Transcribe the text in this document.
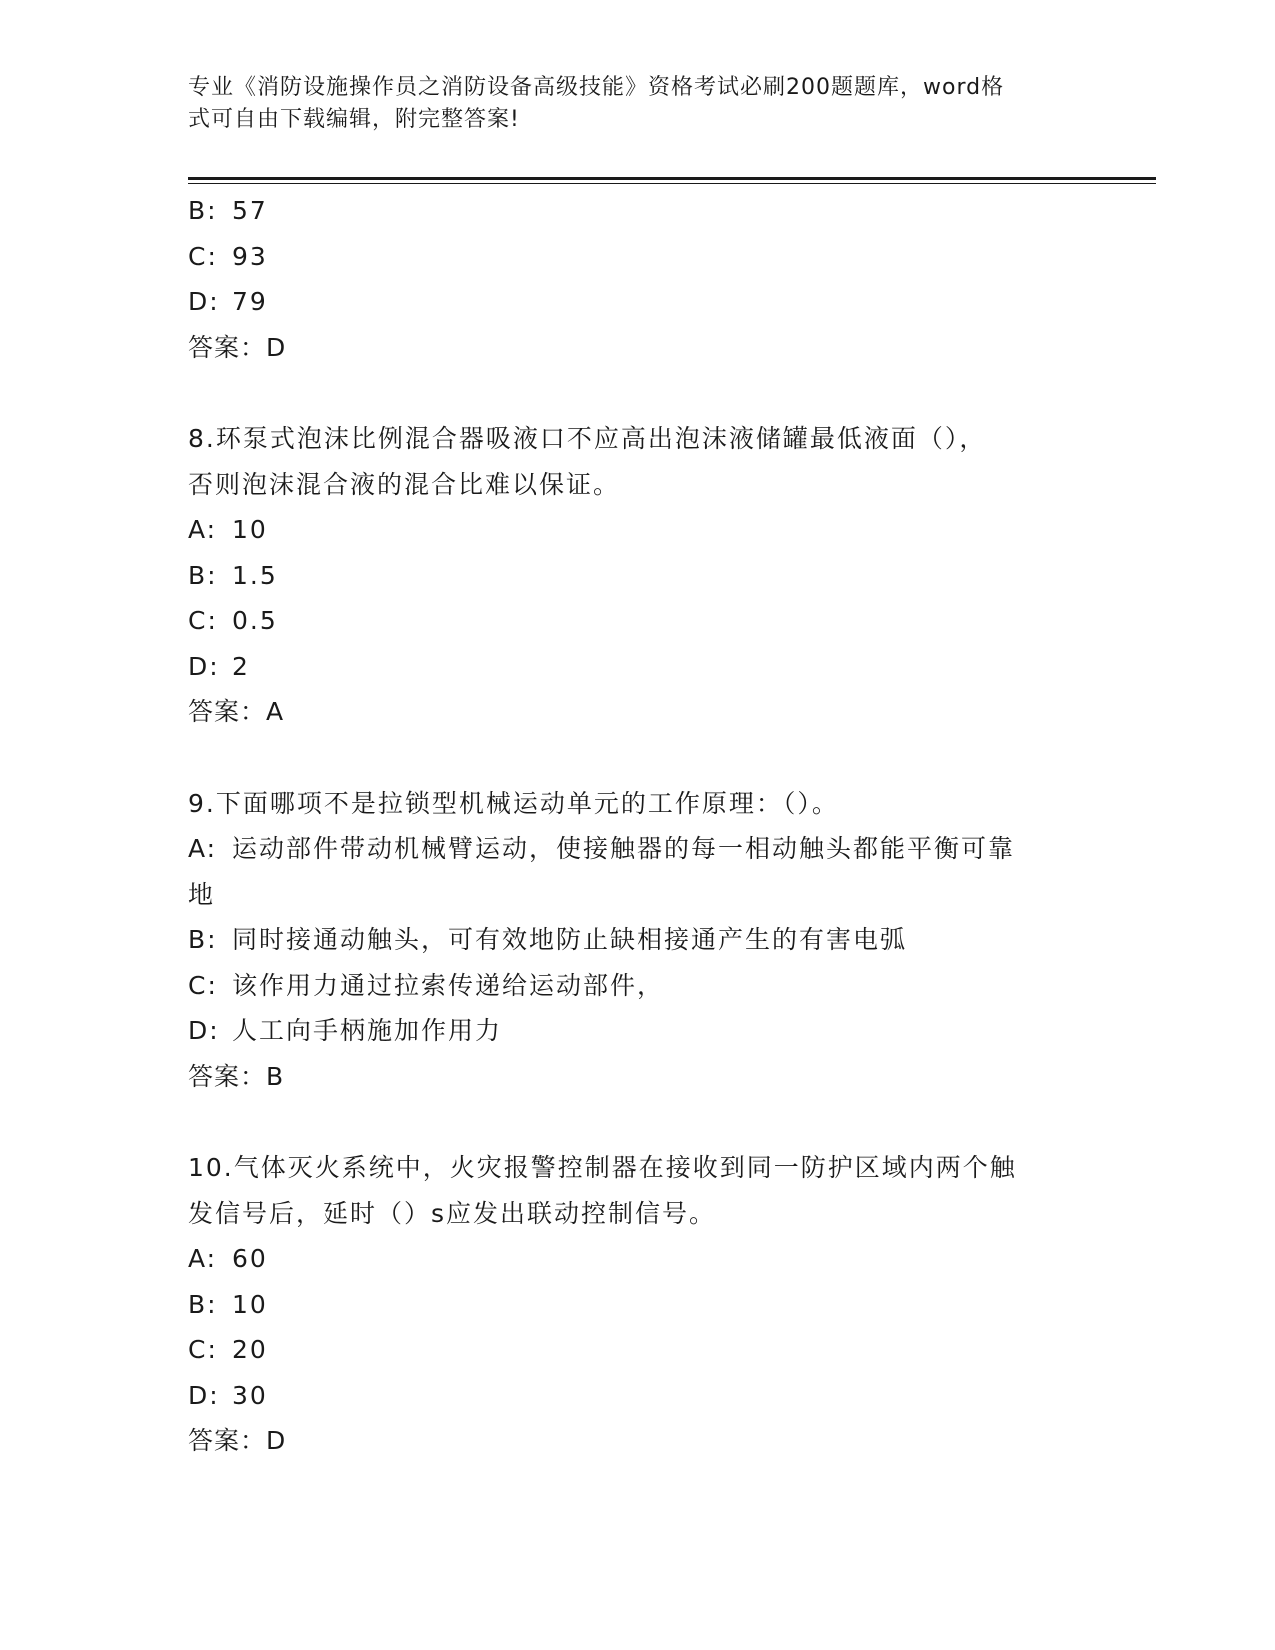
专业《消防设施操作员之消防设备高级技能》资格考试必刷200题题库，word格
式可自由下载编辑，附完整答案!
B: 57
C: 93
D: 79
答案：D
8.环泵式泡沫比例混合器吸液口不应高出泡沫液储罐最低液面（），
否则泡沫混合液的混合比难以保证。
A: 10
B: 1.5
C: 0.5
D: 2
答案：A
9.下面哪项不是拉锁型机械运动单元的工作原理：（）。
A: 运动部件带动机械臂运动，使接触器的每一相动触头都能平衡可靠
地
B: 同时接通动触头，可有效地防止缺相接通产生的有害电弧
C: 该作用力通过拉索传递给运动部件，
D: 人工向手柄施加作用力
答案：B
10.气体灭火系统中，火灾报警控制器在接收到同一防护区域内两个触
发信号后，延时（）s应发出联动控制信号。
A: 60
B: 10
C: 20
D: 30
答案：D
